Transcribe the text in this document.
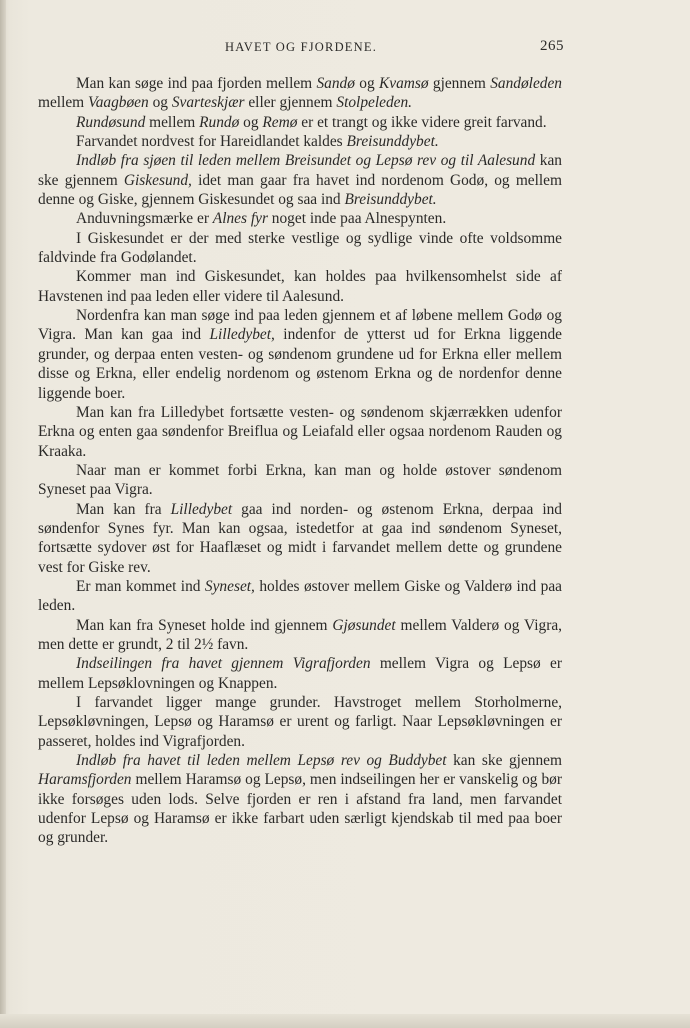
HAVET OG FJORDENE.	265

Man kan søge ind paa fjorden mellem Sandø og Kvamsø gjennem Sandøleden mellem Vaagbøen og Svarteskjær eller gjennem Stolpeleden.

Rundøsund mellem Rundø og Remø er et trangt og ikke videre greit farvand.

Farvandet nordvest for Hareidlandet kaldes Breisunddybet.

Indløb fra sjøen til leden mellem Breisundet og Lepsø rev og til Aalesund kan ske gjennem Giskesund, idet man gaar fra havet ind nordenom Godø, og mellem denne og Giske, gjennem Giskesundet og saa ind Breisunddybet.

Anduvningsmærke er Alnes fyr noget inde paa Alnespynten.

I Giskesundet er der med sterke vestlige og sydlige vinde ofte voldsomme faldvinde fra Godølandet.

Kommer man ind Giskesundet, kan holdes paa hvilkensomhelst side af Havstenen ind paa leden eller videre til Aalesund.

Nordenfra kan man søge ind paa leden gjennem et af løbene mellem Godø og Vigra. Man kan gaa ind Lilledybet, indenfor de ytterst ud for Erkna liggende grunder, og derpaa enten vesten- og søndenom grundene ud for Erkna eller mellem disse og Erkna, eller endelig nordenom og østenom Erkna og de nordenfor denne liggende boer.

Man kan fra Lilledybet fortsætte vesten- og søndenom skjærrækken udenfor Erkna og enten gaa søndenfor Breiflua og Leiafald eller ogsaa nordenom Rauden og Kraaka.

Naar man er kommet forbi Erkna, kan man og holde østover søndenom Syneset paa Vigra.

Man kan fra Lilledybet gaa ind norden- og østenom Erkna, derpaa ind søndenfor Synes fyr. Man kan ogsaa, istedetfor at gaa ind søndenom Syneset, fortsætte sydover øst for Haaflæset og midt i farvandet mellem dette og grundene vest for Giske rev.

Er man kommet ind Syneset, holdes østover mellem Giske og Valderø ind paa leden.

Man kan fra Syneset holde ind gjennem Gjøsundet mellem Valderø og Vigra, men dette er grundt, 2 til 2½ favn.

Indseilingen fra havet gjennem Vigrafjorden mellem Vigra og Lepsø er mellem Lepsøklovningen og Knappen.

I farvandet ligger mange grunder. Havstroget mellem Storholmerne, Lepsøkløvningen, Lepsø og Haramsø er urent og farligt. Naar Lepsøkløvningen er passeret, holdes ind Vigrafjorden.

Indløb fra havet til leden mellem Lepsø rev og Buddybet kan ske gjennem Haramsfjorden mellem Haramsø og Lepsø, men indseilingen her er vanskelig og bør ikke forsøges uden lods. Selve fjorden er ren i afstand fra land, men farvandet udenfor Lepsø og Haramsø er ikke farbart uden særligt kjendskab til med paa boer og grunder.
